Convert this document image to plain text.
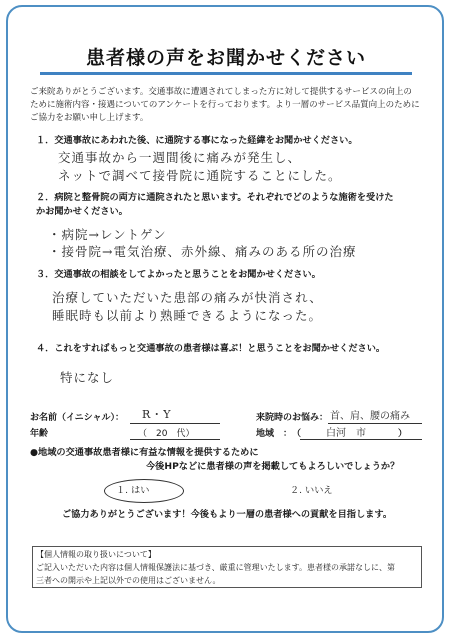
患者様の声をお聞かせください
ご来院ありがとうございます。交通事故に遭遇されてしまった方に対して提供するサービスの向上の
ために施術内容・接遇についてのアンケートを行っております。より一層のサービス品質向上のために
ご協力をお願い申し上げます。
１．交通事故にあわれた後、に通院する事になった経緯をお聞かせください。
交通事故から一週間後に痛みが発生し、
ネットで調べて接骨院に通院することにした。
２．病院と整骨院の両方に通院されたと思います。それぞれでどのような施術を受けた
かお聞かせください。
・病院→レントゲン
・接骨院→電気治療、赤外線、痛みのある所の治療
３．交通事故の相談をしてよかったと思うことをお聞かせください。
治療していただいた患部の痛みが快消され、
睡眠時も以前より熟睡できるようになった。
４．これをすればもっと交通事故の患者様は喜ぶ！と思うことをお聞かせください。
特になし
お名前（イニシャル）： R・Y
年齢	（　20　代）
来院時のお悩み： 首、肩、腰の痛み
地域　：　（ 白河　市	）
●地域の交通事故患者様に有益な情報を提供するために
今後HPなどに患者様の声を掲載してもよろしいでしょうか？
１. はい	２. いいえ
ご協力ありがとうございます！今後もより一層の患者様への貢献を目指します。
【個人情報の取り扱いについて】
ご記入いただいた内容は個人情報保護法に基づき、厳重に管理いたします。患者様の承諾なしに、第
三者への開示や上記以外での使用はございません。
